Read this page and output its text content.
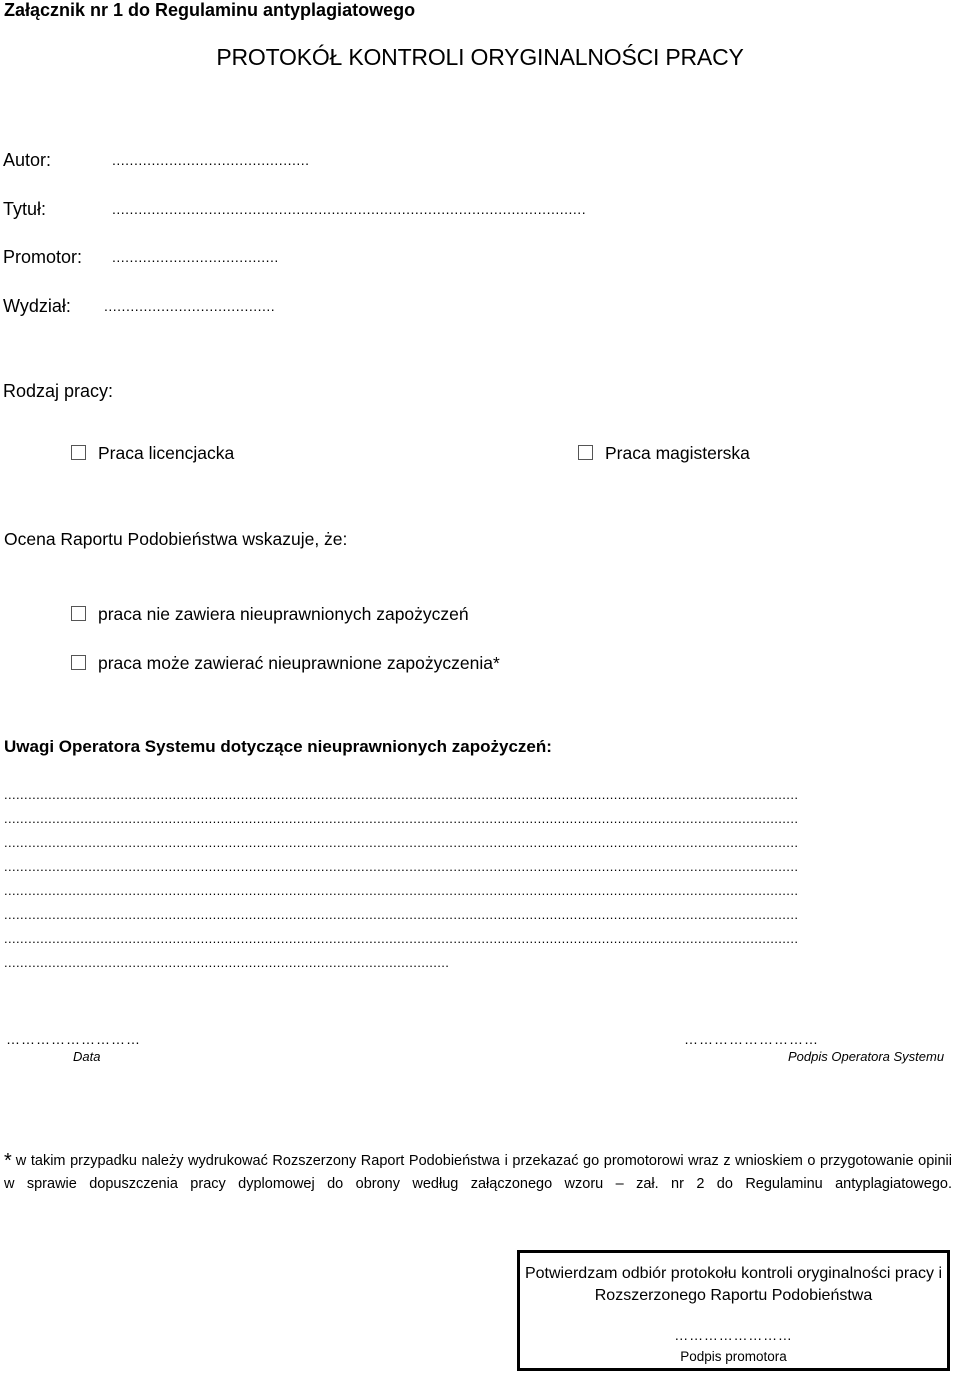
Załącznik nr 1 do Regulaminu antyplagiatowego
PROTOKÓŁ KONTROLI ORYGINALNOŚCI PRACY
Autor:	.............................................
Tytuł:	............................................................................................................
Promotor: ......................................
Wydział: .......................................
Rodzaj pracy:
Praca licencjacka	Praca magisterska
Ocena Raportu Podobieństwa wskazuje, że:
praca nie zawiera nieuprawnionych zapożyczeń
praca może zawierać nieuprawnione zapożyczenia*
Uwagi Operatora Systemu dotyczące nieuprawnionych zapożyczeń:
......................................................................................................................................................................................................
......................................................................................................................................................................................................
......................................................................................................................................................................................................
......................................................................................................................................................................................................
......................................................................................................................................................................................................
......................................................................................................................................................................................................
......................................................................................................................................................................................................
...............................................................................................................
………………………
Data
………………………
Podpis Operatora Systemu
* w takim przypadku należy wydrukować Rozszerzony Raport Podobieństwa i przekazać go promotorowi wraz z wnioskiem o przygotowanie opinii w sprawie dopuszczenia pracy dyplomowej do obrony według załączonego wzoru – zał. nr 2 do Regulaminu antyplagiatowego.
Potwierdzam odbiór protokołu kontroli oryginalności pracy i
Rozszerzonego Raportu Podobieństwa
……………………
Podpis promotora
